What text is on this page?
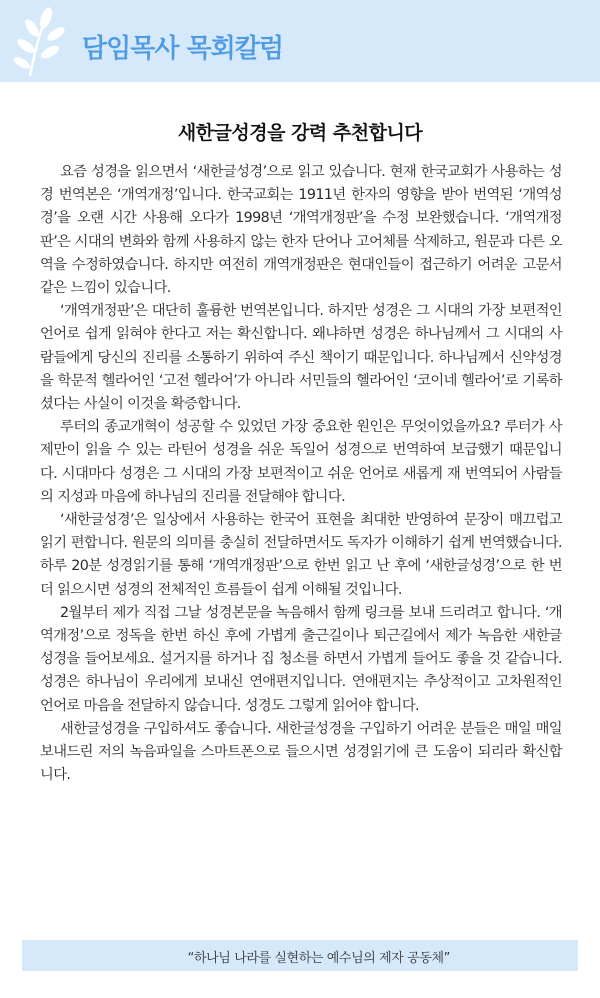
담임목사 목회칼럼
새한글성경을 강력 추천합니다

요즘 성경을 읽으면서 ‘새한글성경’으로 읽고 있습니다. 현재 한국교회가 사용하는 성경 번역본은 ‘개역개정’입니다. 한국교회는 1911년 한자의 영향을 받아 번역된 ‘개역성경’을 오랜 시간 사용해 오다가 1998년 ‘개역개정판’을 수정 보완했습니다. ‘개역개정판’은 시대의 변화와 함께 사용하지 않는 한자 단어나 고어체를 삭제하고, 원문과 다른 오역을 수정하였습니다. 하지만 여전히 개역개정판은 현대인들이 접근하기 어려운 고문서 같은 느낌이 있습니다.

‘개역개정판’은 대단히 훌륭한 번역본입니다. 하지만 성경은 그 시대의 가장 보편적인 언어로 쉽게 읽혀야 한다고 저는 확신합니다. 왜냐하면 성경은 하나님께서 그 시대의 사람들에게 당신의 진리를 소통하기 위하여 주신 책이기 때문입니다. 하나님께서 신약성경을 학문적 헬라어인 ‘고전 헬라어’가 아니라 서민들의 헬라어인 ‘코이네 헬라어’로 기록하셨다는 사실이 이것을 확증합니다.

루터의 종교개혁이 성공할 수 있었던 가장 중요한 원인은 무엇이었을까요? 루터가 사제만이 읽을 수 있는 라틴어 성경을 쉬운 독일어 성경으로 번역하여 보급했기 때문입니다. 시대마다 성경은 그 시대의 가장 보편적이고 쉬운 언어로 새롭게 재 번역되어 사람들의 지성과 마음에 하나님의 진리를 전달해야 합니다.

‘새한글성경’은 일상에서 사용하는 한국어 표현을 최대한 반영하여 문장이 매끄럽고 읽기 편합니다. 원문의 의미를 충실히 전달하면서도 독자가 이해하기 쉽게 번역했습니다. 하루 20분 성경읽기를 통해 ‘개역개정판’으로 한번 읽고 난 후에 ‘새한글성경’으로 한 번 더 읽으시면 성경의 전체적인 흐름들이 쉽게 이해될 것입니다.

2월부터 제가 직접 그날 성경본문을 녹음해서 함께 링크를 보내 드리려고 합니다. ‘개역개정’으로 정독을 한번 하신 후에 가볍게 출근길이나 퇴근길에서 제가 녹음한 새한글 성경을 들어보세요. 설거지를 하거나 집 청소를 하면서 가볍게 들어도 좋을 것 같습니다. 성경은 하나님이 우리에게 보내신 연애편지입니다. 연애편지는 추상적이고 고차원적인 언어로 마음을 전달하지 않습니다. 성경도 그렇게 읽어야 합니다.

새한글성경을 구입하셔도 좋습니다. 새한글성경을 구입하기 어려운 분들은 매일 매일 보내드린 저의 녹음파일을 스마트폰으로 들으시면 성경읽기에 큰 도움이 되리라 확신합니다.

“하나님 나라를 실현하는 예수님의 제자 공동체”
